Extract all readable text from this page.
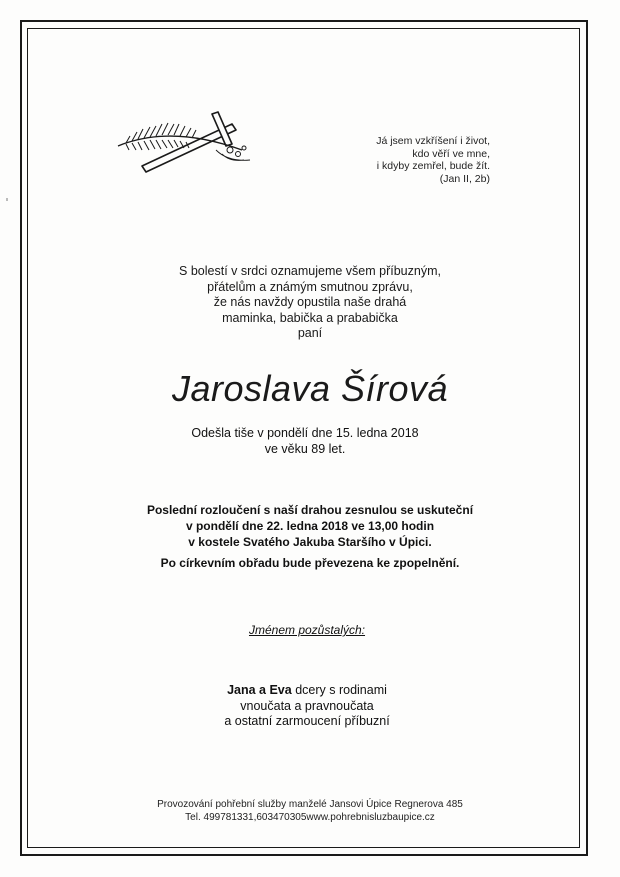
Já jsem vzkříšení i život,
kdo věří ve mne,
i kdyby zemřel, bude žít.
(Jan II, 2b)
S bolestí v srdci oznamujeme všem příbuzným,
přátelům a známým smutnou zprávu,
že nás navždy opustila naše drahá
maminka, babička a prababička
paní
Jaroslava Šírová
Odešla tiše v pondělí dne 15. ledna 2018
ve věku 89 let.
Poslední rozloučení s naší drahou zesnulou se uskuteční
v pondělí dne 22. ledna 2018 ve 13,00 hodin
v kostele Svatého Jakuba Staršího v Úpici.
Po církevním obřadu bude převezena ke zpopelnění.
Jménem pozůstalých:
Jana a Eva dcery s rodinami
vnoučata a pravnoučata
a ostatní zarmoucení příbuzní
Provozování pohřební služby manželé Jansovi Úpice Regnerova 485
Tel. 499781331,603470305www.pohrebnisluzbaupice.cz
